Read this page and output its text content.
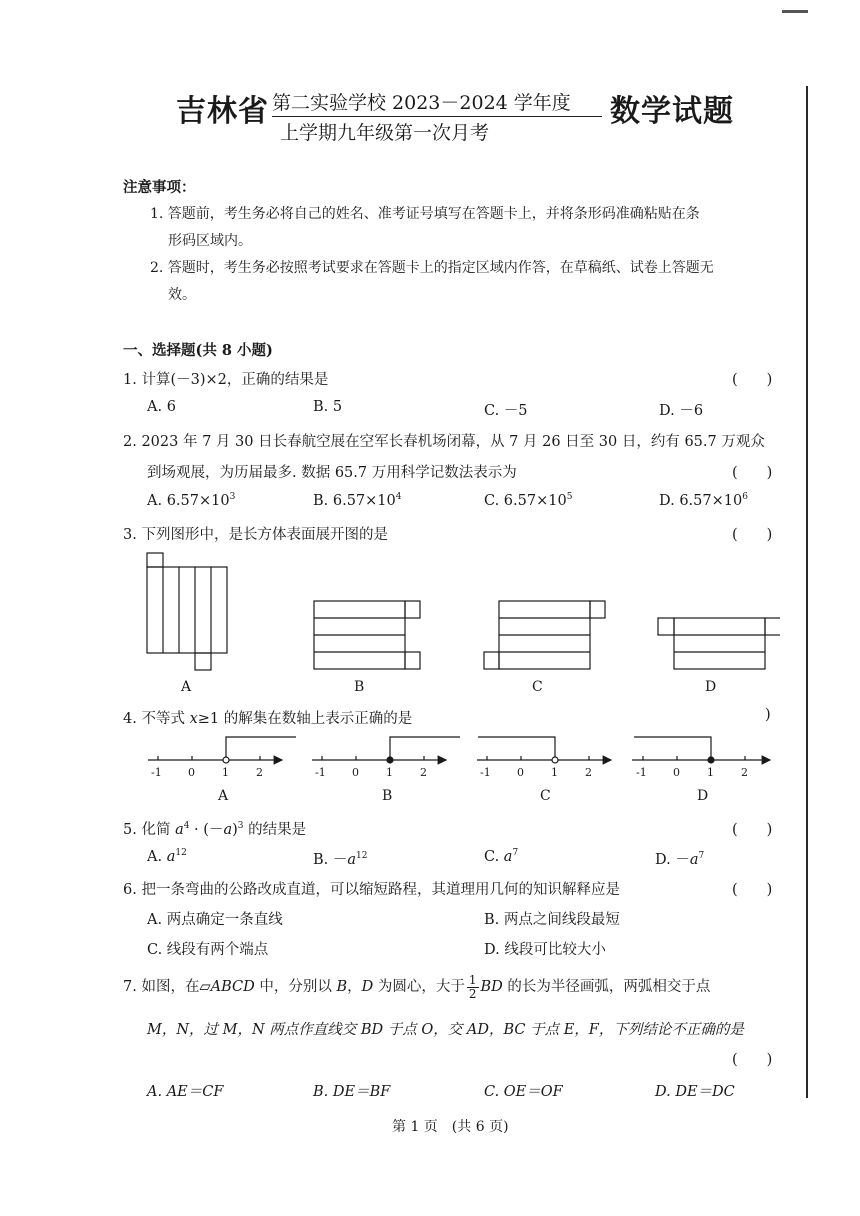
吉林省 第二实验学校 2023－2024 学年度
上学期九年级第一次月考
数学试题
注意事项：
1. 答题前，考生务必将自己的姓名、准考证号填写在答题卡上，并将条形码准确粘贴在条
形码区域内。
2. 答题时，考生务必按照考试要求在答题卡上的指定区域内作答，在草稿纸、试卷上答题无
效。
一、选择题(共 8 小题)
1. 计算(－3)×2，正确的结果是	(　　)
A. 6	B. 5	C. －5	D. －6
2. 2023 年 7 月 30 日长春航空展在空军长春机场闭幕，从 7 月 26 日至 30 日，约有 65.7 万观众
到场观展，为历届最多. 数据 65.7 万用科学记数法表示为	(　　)
A. $6.57\times 10^3$	B. $6.57\times 10^4$	C. $6.57\times 10^5$	D. $6.57\times 10^6$
3. 下列图形中，是长方体表面展开图的是	(　　)
A	B	C	D
4. 不等式 x≥1 的解集在数轴上表示正确的是	)
-1 0 1 2	-1 0 1 2	-1 0 1 2	-1 0 1 2
A	B	C	D
5. 化简 $a^4 \cdot (-a)^3$ 的结果是	(　　)
A. $a^{12}$	B. $-a^{12}$	C. $a^7$	D. $-a^7$
6. 把一条弯曲的公路改成直道，可以缩短路程，其道理用几何的知识解释应是	(　　)
A. 两点确定一条直线	B. 两点之间线段最短
C. 线段有两个端点	D. 线段可比较大小
7. 如图，在▱ABCD 中，分别以 B，D 为圆心，大于 $\frac{1}{2}$ BD 的长为半径画弧，两弧相交于点
M，N，过 M，N 两点作直线交 BD 于点 O，交 AD，BC 于点 E，F，下列结论不正确的是
(　　)
A. AE＝CF	B. DE＝BF	C. OE＝OF	D. DE＝DC
第 1 页　(共 6 页)
